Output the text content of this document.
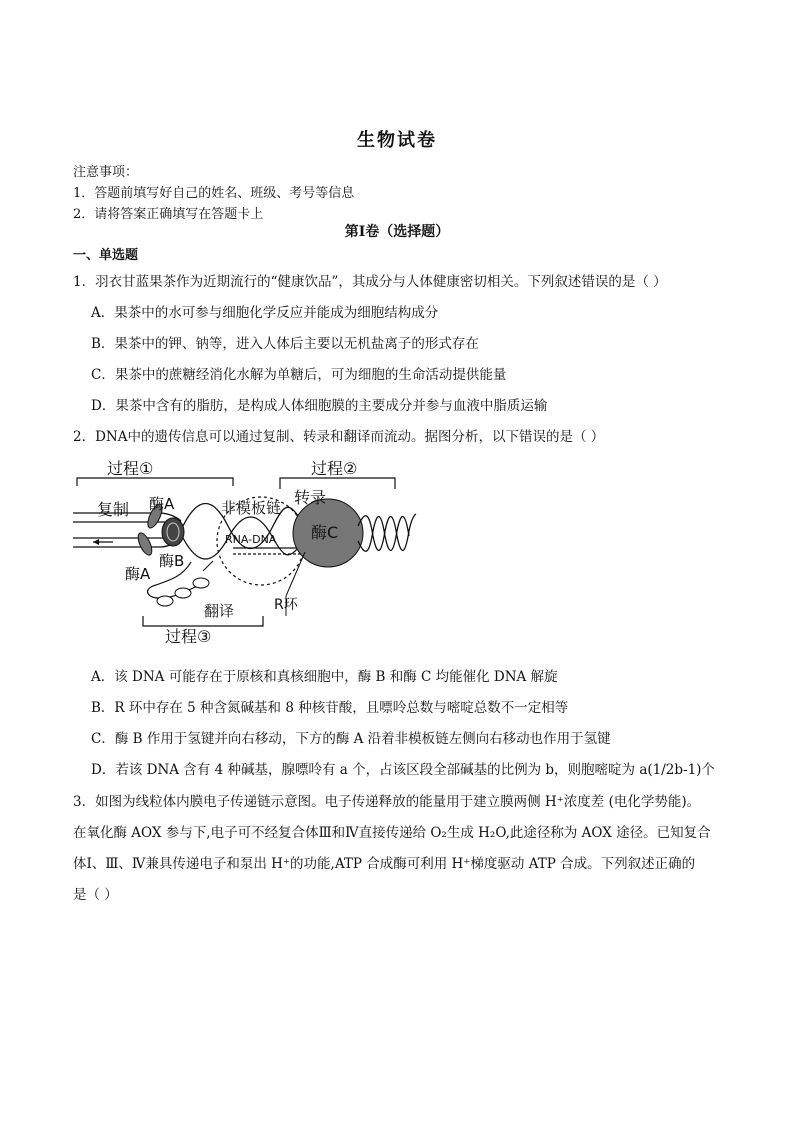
生物试卷
注意事项：
1．答题前填写好自己的姓名、班级、考号等信息
2．请将答案正确填写在答题卡上
第I卷（选择题）
一、单选题
1．羽衣甘蓝果茶作为近期流行的“健康饮品”，其成分与人体健康密切相关。下列叙述错误的是（ ）
A．果茶中的水可参与细胞化学反应并能成为细胞结构成分
B．果茶中的钾、钠等，进入人体后主要以无机盐离子的形式存在
C．果茶中的蔗糖经消化水解为单糖后，可为细胞的生命活动提供能量
D．果茶中含有的脂肪，是构成人体细胞膜的主要成分并参与血液中脂质运输
2．DNA中的遗传信息可以通过复制、转录和翻译而流动。据图分析，以下错误的是（ ）
过程①	过程②
过程③
复制 酶A
酶A
酶B
酶C
非模板链
转录
RNA-DNA
R环
翻译
A．该 DNA 可能存在于原核和真核细胞中，酶 B 和酶 C 均能催化 DNA 解旋
B．R 环中存在 5 种含氮碱基和 8 种核苷酸，且嘌呤总数与嘧啶总数不一定相等
C．酶 B 作用于氢键并向右移动，下方的酶 A 沿着非模板链左侧向右移动也作用于氢键
D．若该 DNA 含有 4 种碱基，腺嘌呤有 a 个，占该区段全部碱基的比例为 b，则胞嘧啶为 a(1/2b-1)个
3．如图为线粒体内膜电子传递链示意图。电子传递释放的能量用于建立膜两侧 H⁺浓度差 (电化学势能)。
在氧化酶 AOX 参与下,电子可不经复合体Ⅲ和Ⅳ直接传递给 O₂生成 H₂O,此途径称为 AOX 途径。已知复合
体Ⅰ、Ⅲ、Ⅳ兼具传递电子和泵出 H⁺的功能,ATP 合成酶可利用 H⁺梯度驱动 ATP 合成。下列叙述正确的
是（ ）
